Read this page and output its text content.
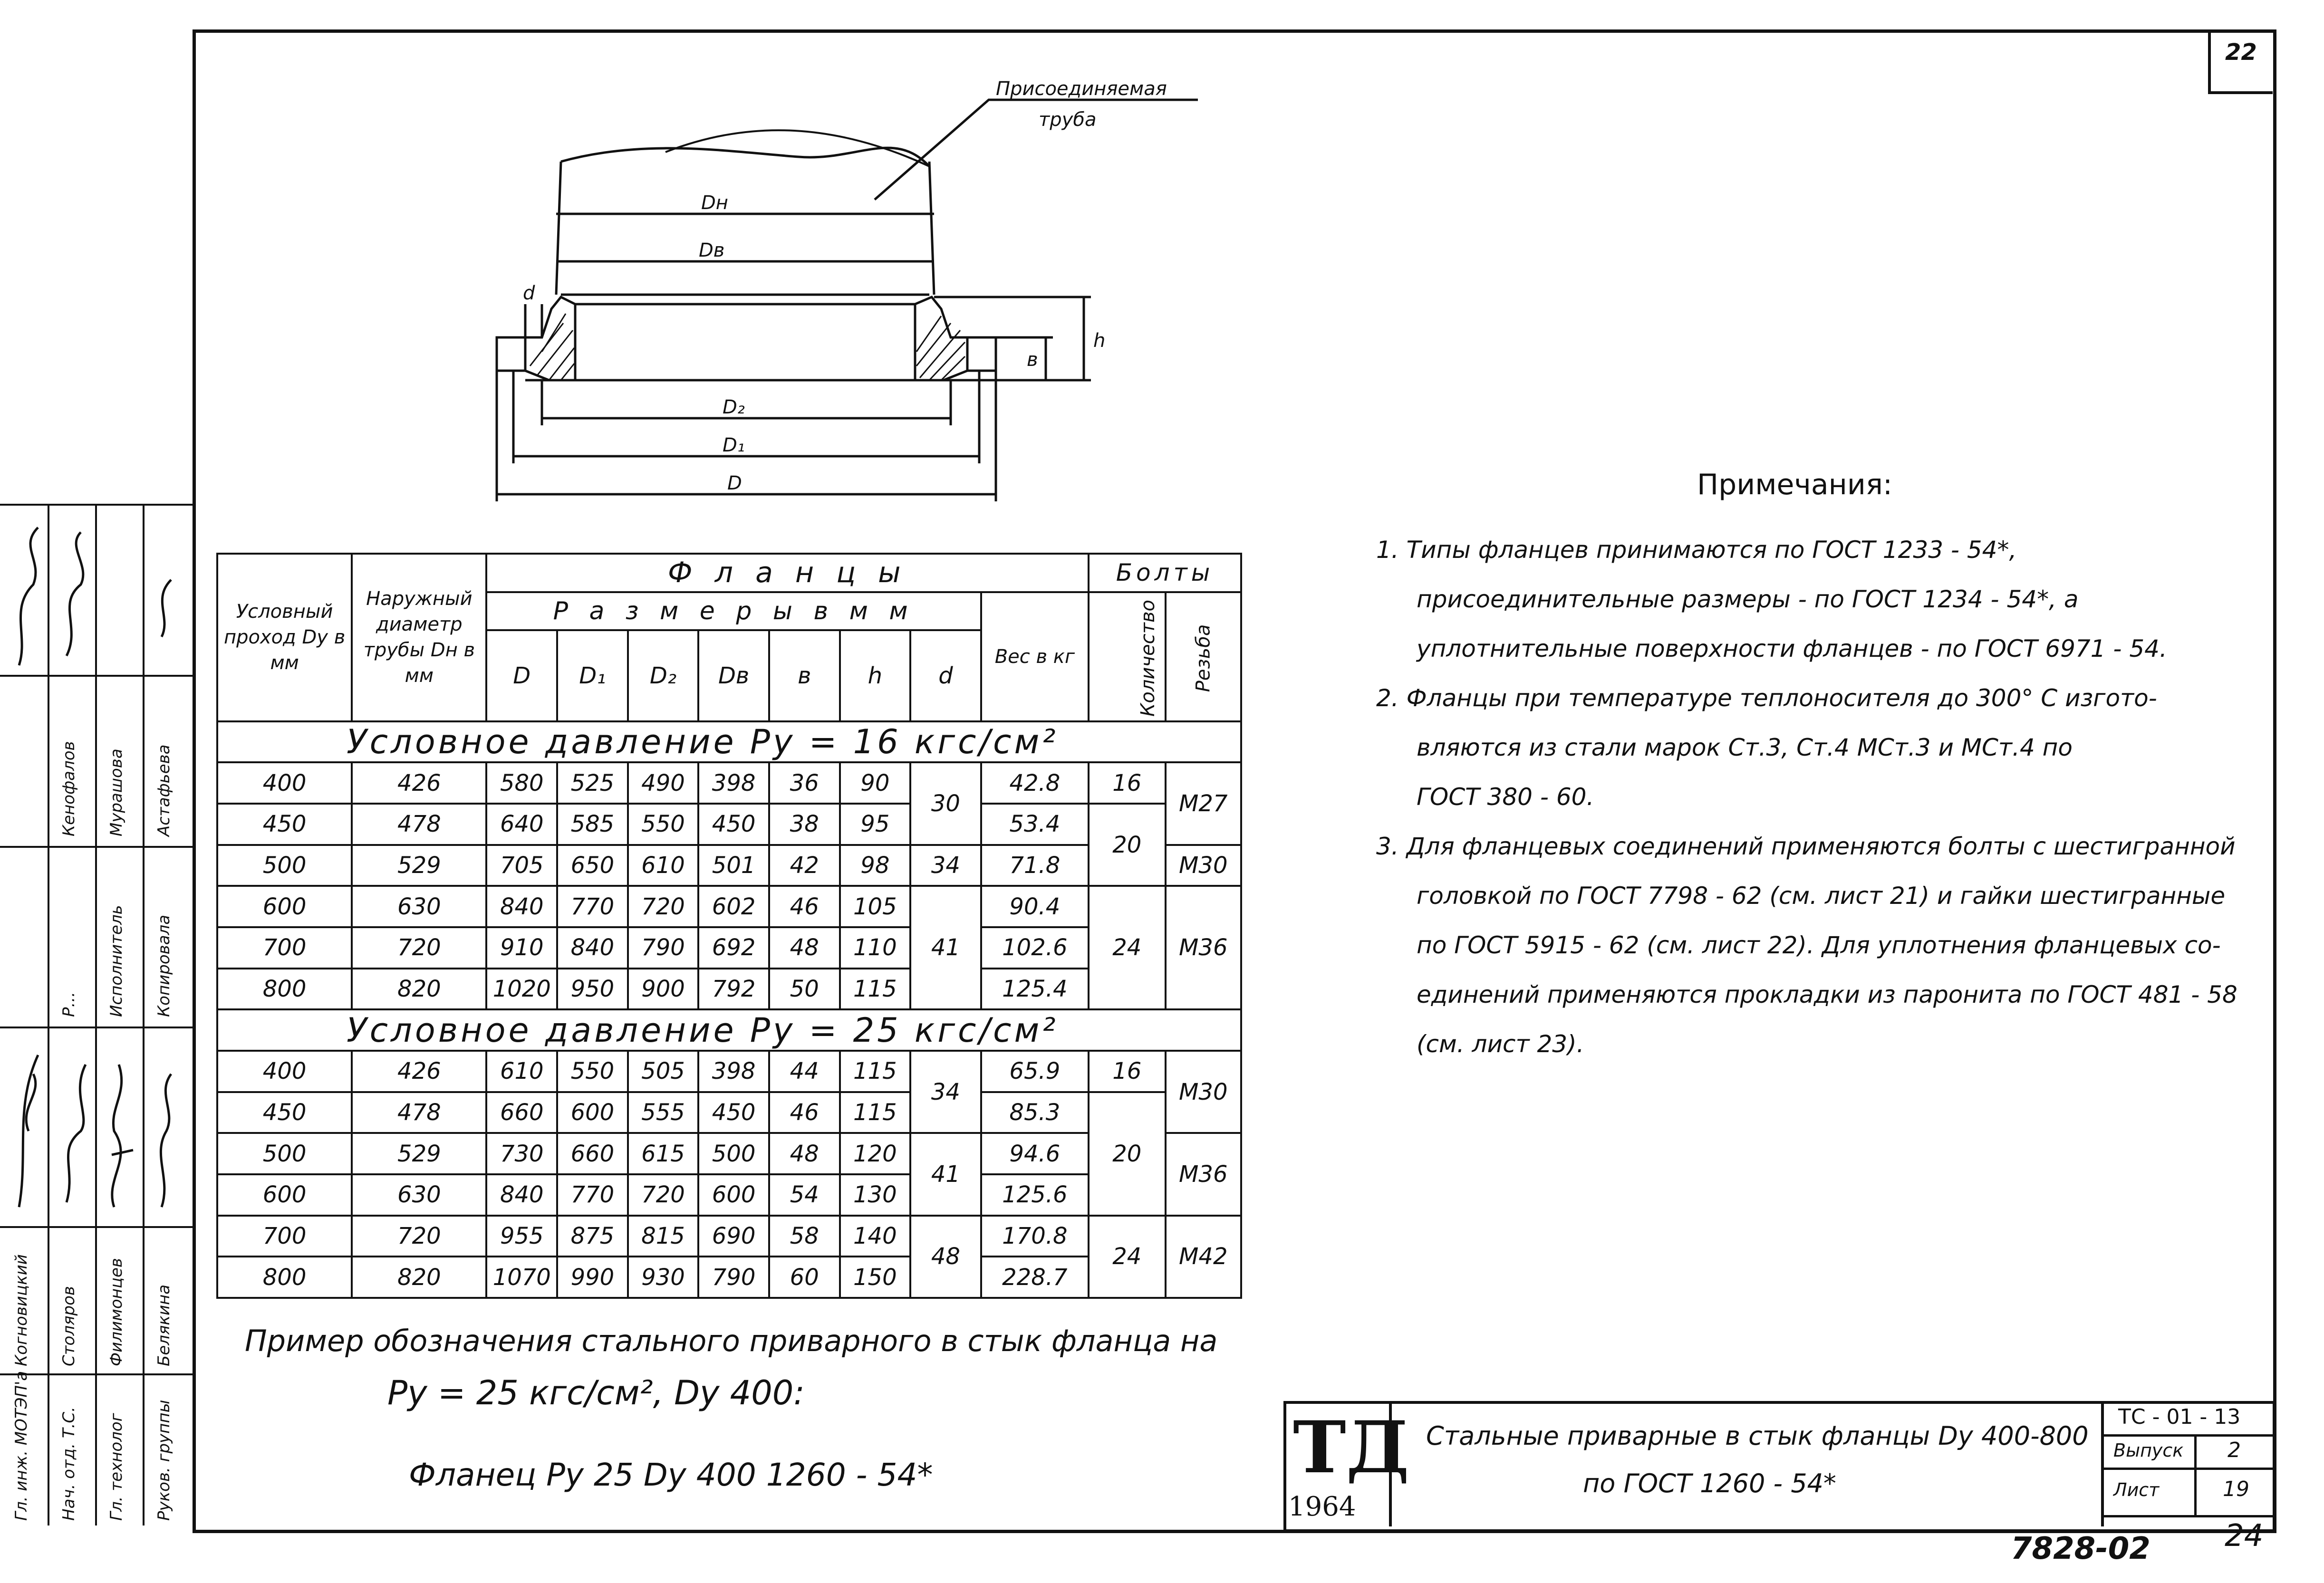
22
Присоединяемая
труба
Dн
Dв
D₂
D₁
D
d
в
h
Условный проход Dy в мм	Наружный диаметр трубы Dн в мм	Ф л а н ц ы								Болты	
		Р а з м е р ы в м м							Вес в кг	Количество	Резьба
		D	D₁	D₂	Dв	в	h	d			
Условное давление Py = 16 кгс/см²											
400	426	580	525	490	398	36	90	30	42.8	16	M27
450	478	640	585	550	450	38	95		53.4	20	
500	529	705	650	610	501	42	98	34	71.8		M30
600	630	840	770	720	602	46	105	41	90.4	24	M36
700	720	910	840	790	692	48	110		102.6		
800	820	1020	950	900	792	50	115		125.4		
Условное давление Py = 25 кгс/см²											
400	426	610	550	505	398	44	115	34	65.9	16	M30
450	478	660	600	555	450	46	115		85.3	20	
500	529	730	660	615	500	48	120	41	94.6		M36
600	630	840	770	720	600	54	130		125.6		
700	720	955	875	815	690	58	140	48	170.8	24	M42
800	820	1070	990	930	790	60	150		228.7		
Примечания:
1. Типы фланцев принимаются по ГОСТ 1233 - 54*,
присоединительные размеры - по ГОСТ 1234 - 54*, а
уплотнительные поверхности фланцев - по ГОСТ 6971 - 54.
2. Фланцы при температуре теплоносителя до 300° С изгото-
вляются из стали марок Ст.3, Ст.4 МСт.3 и МСт.4 по
ГОСТ 380 - 60.
3. Для фланцевых соединений применяются болты с шестигранной
головкой по ГОСТ 7798 - 62 (см. лист 21) и гайки шестигранные
по ГОСТ 5915 - 62 (см. лист 22). Для уплотнения фланцевых со-
единений применяются прокладки из паронита по ГОСТ 481 - 58
(см. лист 23).
Пример обозначения стального приварного в стык фланца на
Py = 25 кгс/см², Dy 400:
Фланец Py 25 Dy 400 1260 - 54*	ТД
1964
Стальные приварные в стык фланцы Dy 400-800
по ГОСТ 1260 - 54*
ТС - 01 - 13
Выпуск 2
Лист	19
7828-02 24
Гл. инж. МОТЭП'а Нач. отд. Т.С. Гл. технолог Руков. группы
Когновицкий Столяров Филимонцев Белякина
Р... Исполнитель Копировала
Кенофалов Мурашова Астафьева
